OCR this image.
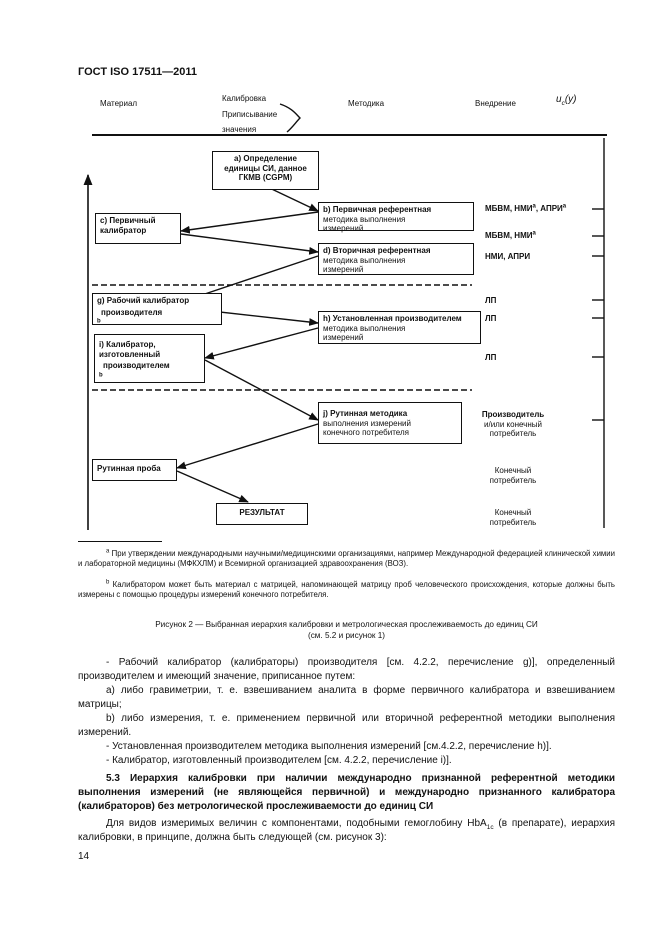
ГОСТ ISO 17511—2011
Материал
Калибровка
Приписывание
значения
Методика	Внедрение	$u_c(y)$
a) Определение
единицы СИ, данное
ГКМВ (CGPM)
b) Первичная референтная
методика выполнения
измерений
c) Первичный
калибратор
d) Вторичная референтная
методика выполнения
измерений
g) Рабочий калибратор
производителя
$^b$	h) Установленная производителем
методика выполнения
измерений
i) Калибратор,
изготовленный
производителем
$^b$
j) Рутинная методика
выполнения измерений
конечного потребителя
Рутинная проба
РЕЗУЛЬТАТ
МБВМ, НМИ$^a$, АПРИ$^a$
МБВМ, НМИ$^a$
НМИ, АПРИ
ЛП
ЛП
ЛП
Производитель
и/или конечный
потребитель
Конечный
потребитель
Конечный
потребитель
$^a$ При утверждении международными научными/медицинскими организациями, например Международной федерацией клинической химии и лабораторной медицины (МФКХЛМ) и Всемирной организацией здравоохранения (ВОЗ).
$^b$ Калибратором может быть материал с матрицей, напоминающей матрицу проб человеческого происхождения, которые должны быть измерены с помощью процедуры измерений конечного потребителя.
Рисунок 2 — Выбранная иерархия калибровки и метрологическая прослеживаемость до единиц СИ
(см. 5.2 и рисунок 1)
- Рабочий калибратор (калибраторы) производителя [см. 4.2.2, перечисление g)], определенный производителем и имеющий значение, приписанное путем:
a) либо гравиметрии, т. е. взвешиванием аналита в форме первичного калибратора и взвешиванием матрицы;
b) либо измерения, т. е. применением первичной или вторичной референтной методики выполнения измерений.
- Установленная производителем методика выполнения измерений [см.4.2.2, перечисление h)].
- Калибратор, изготовленный производителем [см. 4.2.2, перечисление i)].
5.3 Иерархия калибровки при наличии международно признанной референтной методики выполнения измерений (не являющейся первичной) и международно признанного калибратора (калибраторов) без метрологической прослеживаемости до единиц СИ
Для видов измеримых величин с компонентами, подобными гемоглобину HbA$_{1c}$ (в препарате), иерархия калибровки, в принципе, должна быть следующей (см. рисунок 3):
14
